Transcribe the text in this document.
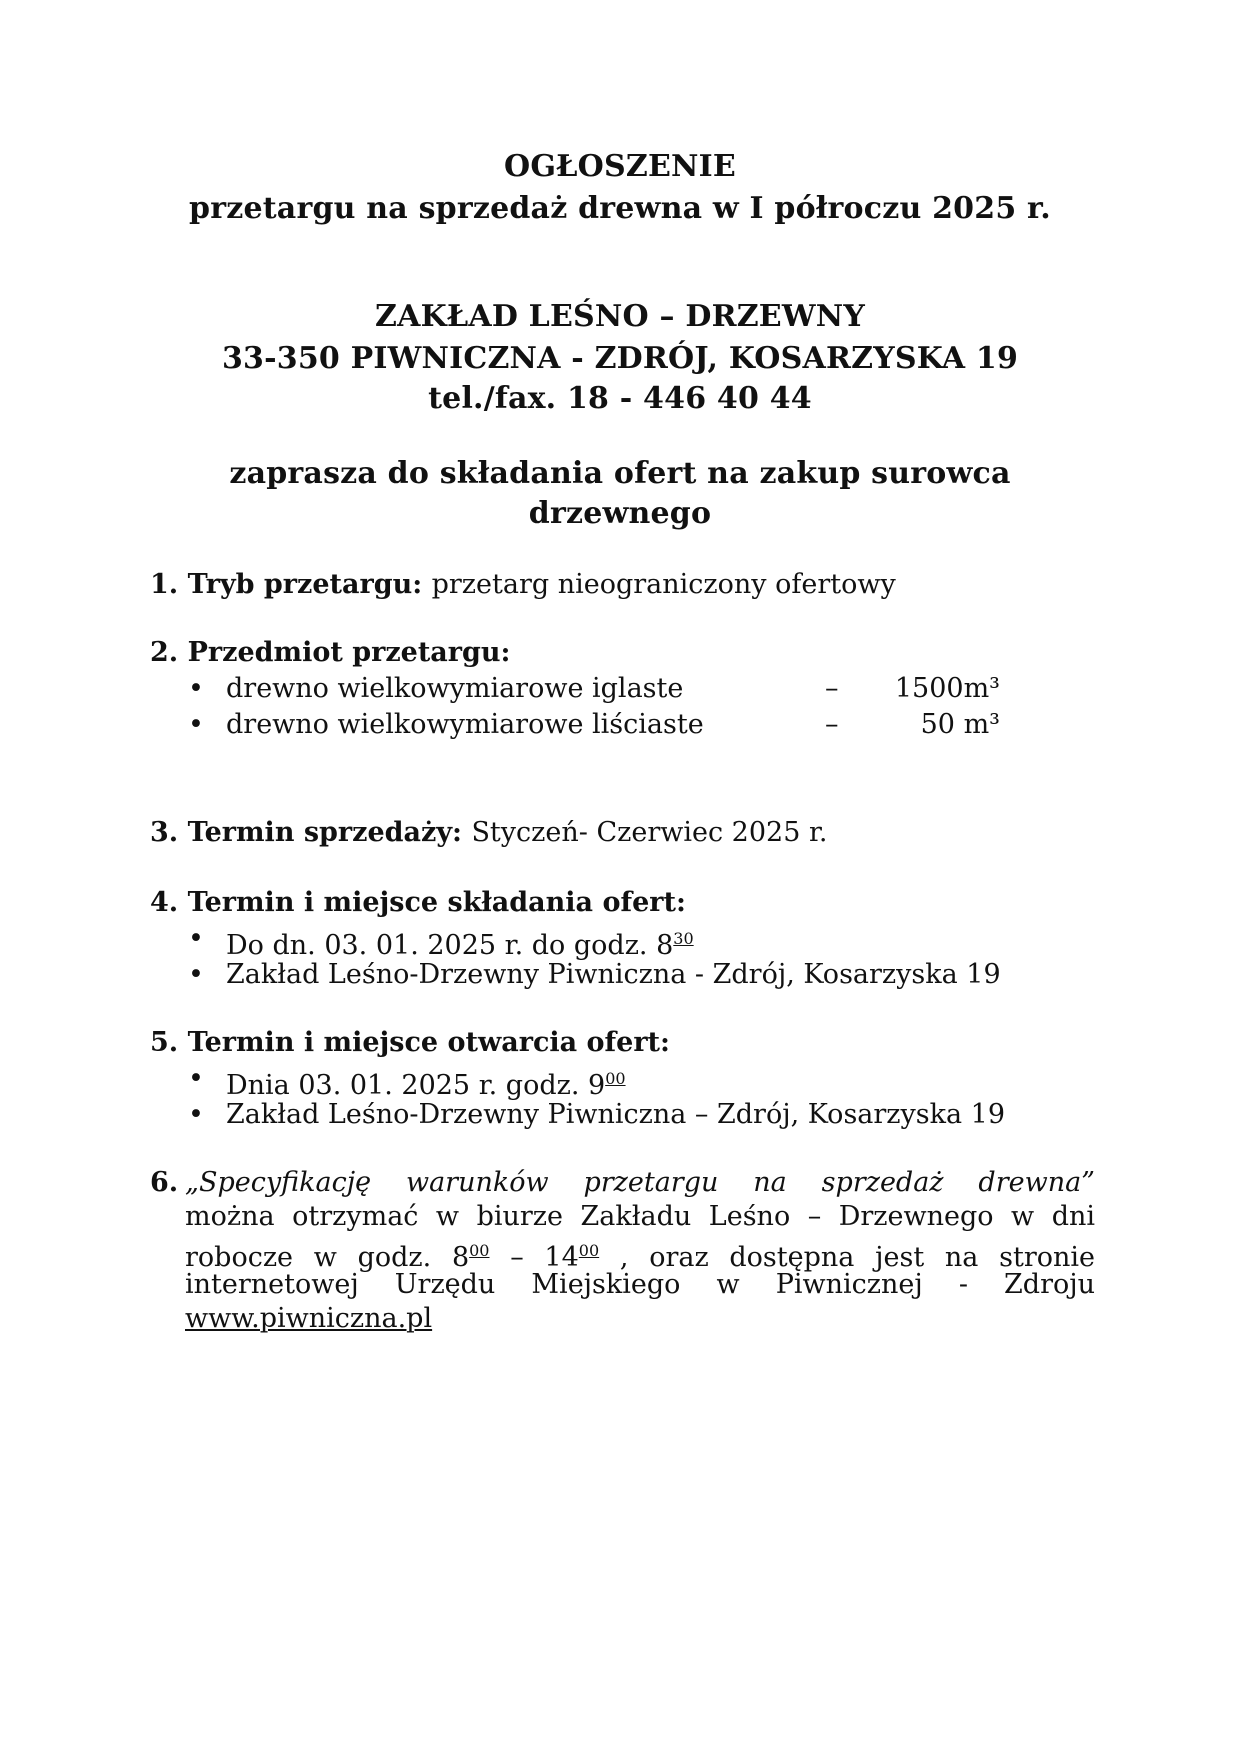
OGŁOSZENIE
przetargu na sprzedaż drewna w I półroczu 2025 r.
ZAKŁAD LEŚNO – DRZEWNY
33-350 PIWNICZNA - ZDRÓJ, KOSARZYSKA 19
tel./fax. 18 - 446 40 44
zaprasza do składania ofert na zakup surowca
drzewnego
1. Tryb przetargu: przetarg nieograniczony ofertowy
2. Przedmiot przetargu:
• drewno wielkowymiarowe iglaste	– 1500m³
• drewno wielkowymiarowe liściaste	–	50 m³
3. Termin sprzedaży: Styczeń- Czerwiec 2025 r.
4. Termin i miejsce składania ofert:
• Do dn. 03. 01. 2025 r. do godz. $8^{30}$
• Zakład Leśno-Drzewny Piwniczna - Zdrój, Kosarzyska 19
5. Termin i miejsce otwarcia ofert:
• Dnia 03. 01. 2025 r. godz. $9^{00}$
• Zakład Leśno-Drzewny Piwniczna – Zdrój, Kosarzyska 19
6. „Specyfikację warunków przetargu na sprzedaż drewna”
można otrzymać w biurze Zakładu Leśno – Drzewnego w dni
robocze w godz. $8^{00} - 14^{00}$ , oraz dostępna jest na stronie
internetowej Urzędu Miejskiego w Piwnicznej - Zdroju
www.piwniczna.pl
